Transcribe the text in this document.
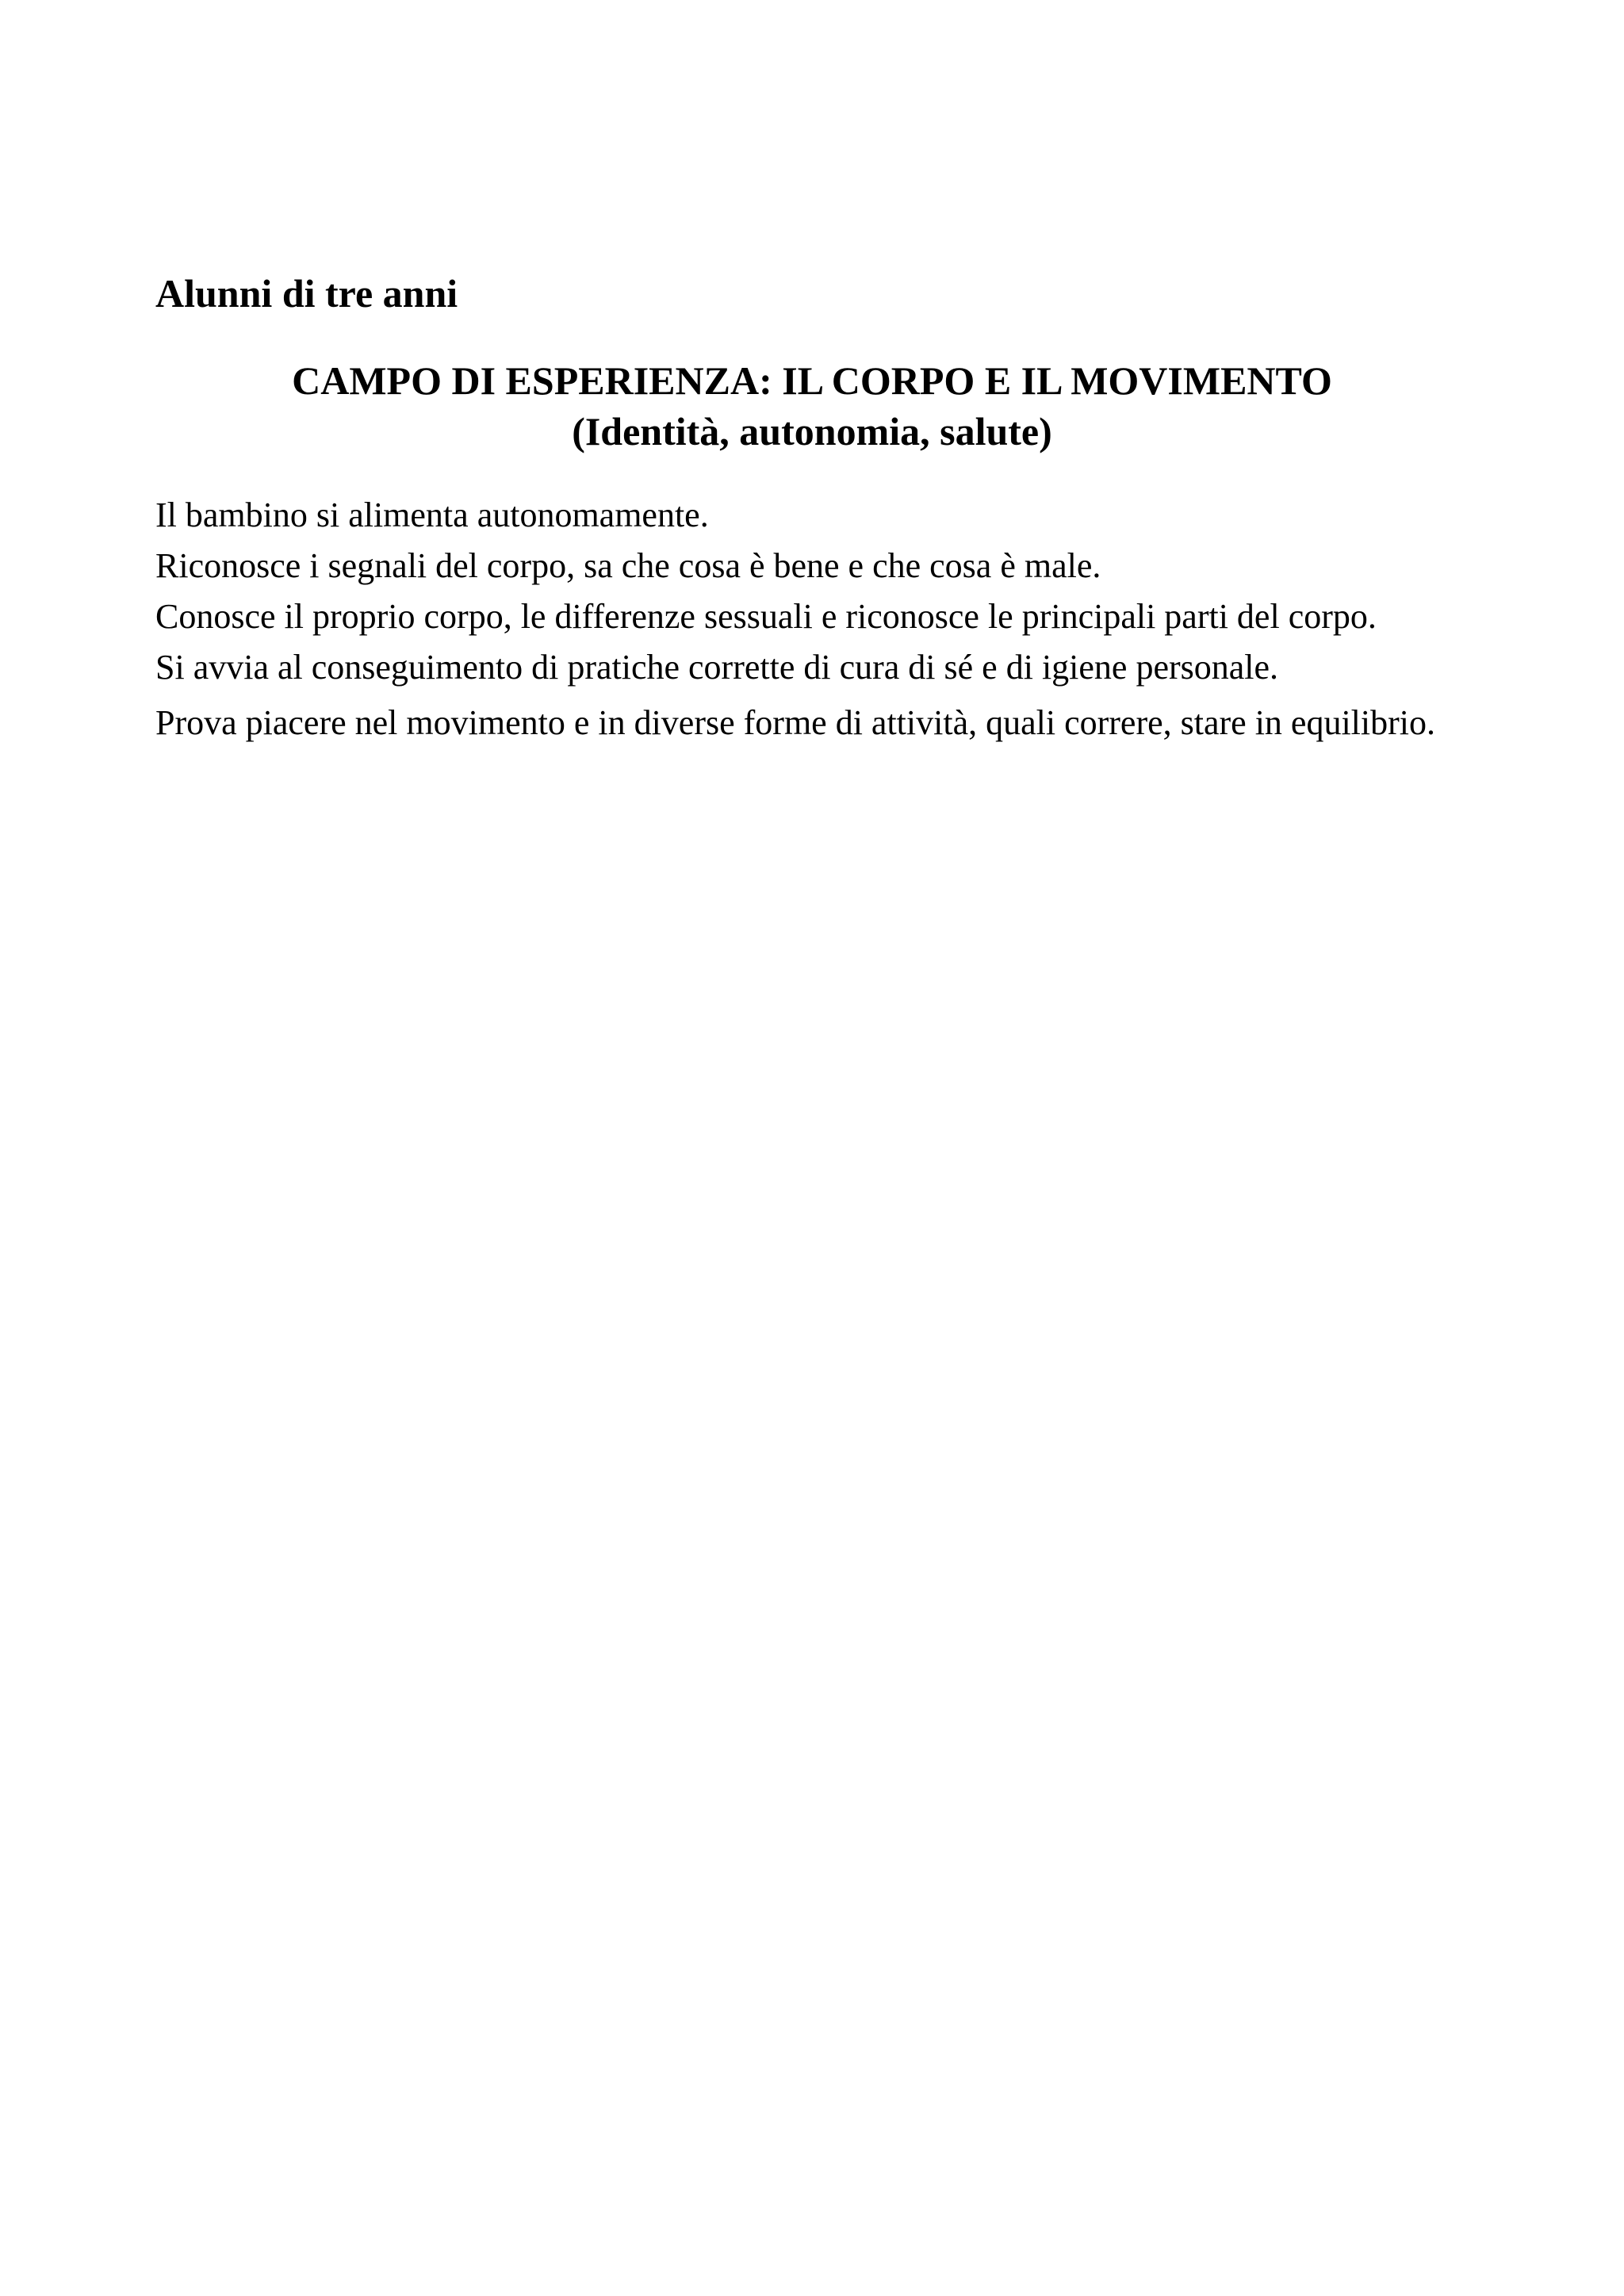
Alunni di tre anni
CAMPO DI ESPERIENZA: IL CORPO E IL MOVIMENTO
(Identità, autonomia, salute)

Il bambino si alimenta autonomamente.

Riconosce i segnali del corpo, sa che cosa è bene e che cosa è male.

Conosce il proprio corpo, le differenze sessuali e riconosce le principali parti del corpo.

Si avvia al conseguimento di pratiche corrette di cura di sé e di igiene personale.

Prova piacere nel movimento e in diverse forme di attività, quali correre, stare in equilibrio.
